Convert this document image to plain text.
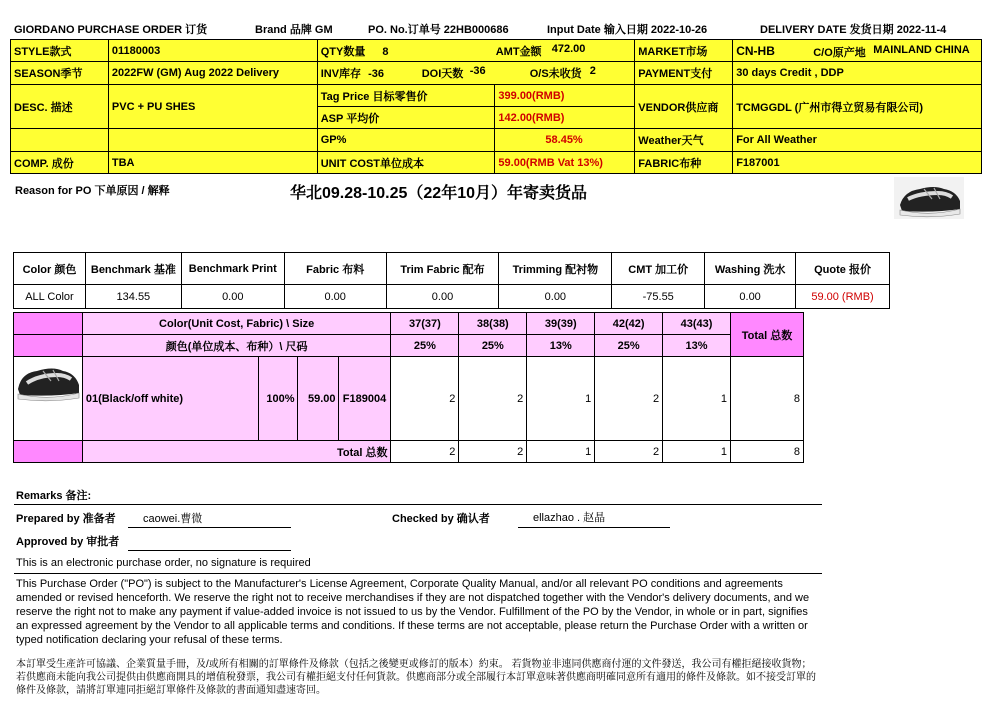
GIORDANO PURCHASE ORDER 订货	Brand 品牌 GM	PO. No.订单号 22HB000686	Input Date 输入日期 2022-10-26	DELIVERY DATE 发货日期 2022-11-4
STYLE款式	01180003	QTY数量 8 AMT金额 472.00		MARKET市场	CN-HB C/O原产地 MAINLAND CHINA

SEASON季节	2022FW (GM) Aug 2022 Delivery	INV库存 -36 DOI天数 -36 O/S未收货 2		PAYMENT支付	30 days Credit , DDP
DESC. 描述	PVC + PU SHES	Tag Price 目标零售价	399.00(RMB)	VENDOR供应商	TCMGGDL (广州市得立贸易有限公司)
		ASP 平均价	142.00(RMB)		
		GP%	58.45%	Weather天气	For All Weather
COMP. 成份	TBA	UNIT COST单位成本	59.00(RMB Vat 13%)	FABRIC布种	F187001
Reason for PO 下单原因 / 解释	华北09.28-10.25（22年10月）年寄卖货品
Color 颜色	Benchmark 基准	Benchmark Print	Fabric 布料	Trim Fabric 配布	Trimming 配衬物	CMT 加工价	Washing 洗水	Quote 报价
ALL Color	134.55	0.00	0.00	0.00	0.00	-75.55	0.00	59.00 (RMB)
	Color(Unit Cost, Fabric) \ Size				37(37)	38(38)	39(39)	42(42)	43(43)	Total 总数
	颜色(单位成本、布种）\ 尺码				25%	25%	13%	25%	13%	

	01(Black/off white)	100%	59.00	F189004	2	2	1	2	1	8
	Total 总数				2	2	1	2	1	8
Remarks 备注:
Prepared by 准备者 caowei.曹微	Checked by 确认者	ellazhao . 赵晶
Approved by 审批者
This is an electronic purchase order, no signature is required
This Purchase Order ("PO") is subject to the Manufacturer's License Agreement, Corporate Quality Manual, and/or all relevant PO conditions and agreements amended or revised henceforth. We reserve the right not to receive merchandises if they are not dispatched together with the Vendor's delivery documents, and we reserve the right not to make any payment if value-added invoice is not issued to us by the Vendor. Fulfillment of the PO by the Vendor, in whole or in part, signifies an expressed agreement by the Vendor to all applicable terms and conditions. If these terms are not acceptable, please return the Purchase Order with a written or typed notification declaring your refusal of these terms.
本訂單受生產許可協議、企業質量手冊，及/或所有相關的訂單條件及條款（包括之後變更或修訂的版本）約束。 若貨物並非連同供應商付運的文件發送，我公司有權拒絕接收貨物；若供應商未能向我公司提供由供應商開具的增值稅發票，我公司有權拒絕支付任何貨款。供應商部分或全部履行本訂單意味著供應商明確同意所有適用的條件及條款。如不接受訂單的條件及條款，請將訂單連同拒絕訂單條件及條款的書面通知盡速寄回。
